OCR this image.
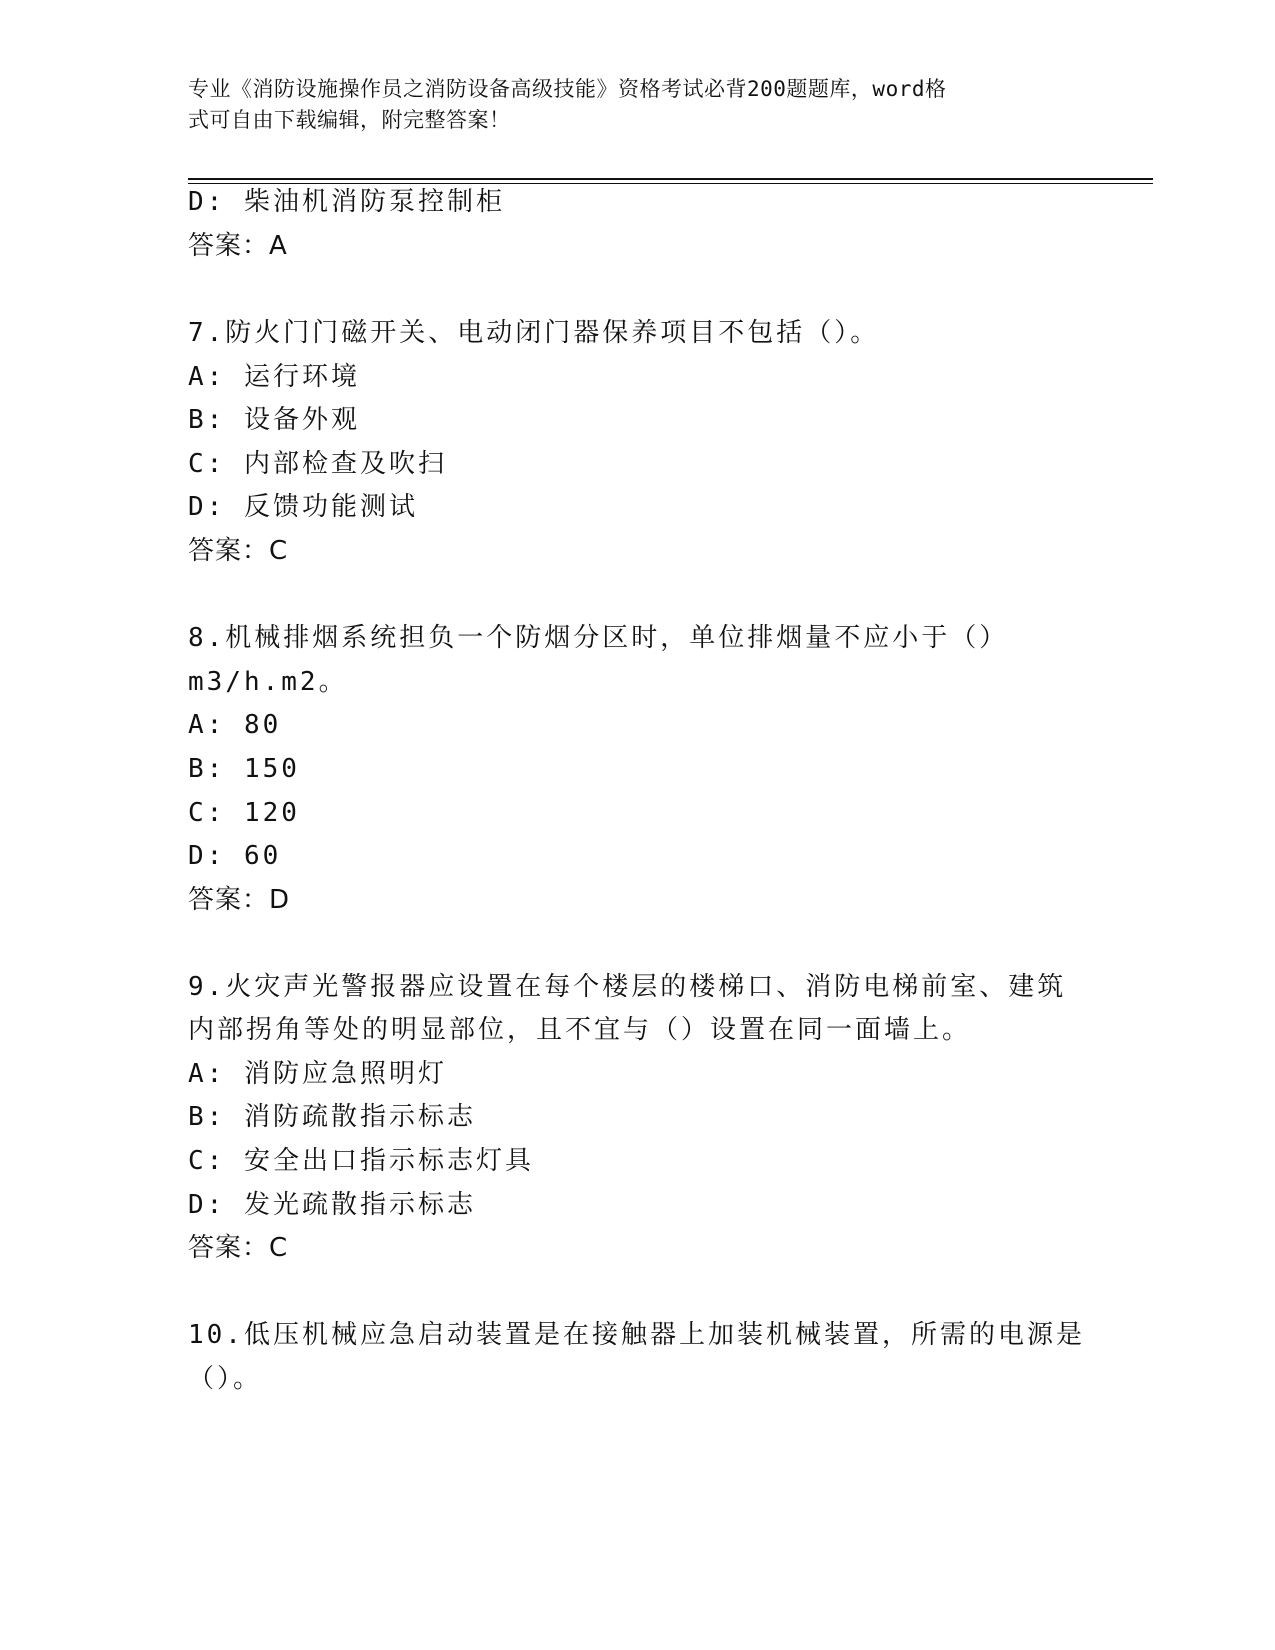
专业《消防设施操作员之消防设备高级技能》资格考试必背200题题库，word格
式可自由下载编辑，附完整答案！
D: 柴油机消防泵控制柜
答案：A
7.防火门门磁开关、电动闭门器保养项目不包括（）。
A: 运行环境
B: 设备外观
C: 内部检查及吹扫
D: 反馈功能测试
答案：C
8.机械排烟系统担负一个防烟分区时，单位排烟量不应小于（）
m3/h.m2。
A: 80
B: 150
C: 120
D: 60
答案：D
9.火灾声光警报器应设置在每个楼层的楼梯口、消防电梯前室、建筑
内部拐角等处的明显部位，且不宜与（）设置在同一面墙上。
A: 消防应急照明灯
B: 消防疏散指示标志
C: 安全出口指示标志灯具
D: 发光疏散指示标志
答案：C
10.低压机械应急启动装置是在接触器上加装机械装置，所需的电源是
（）。
